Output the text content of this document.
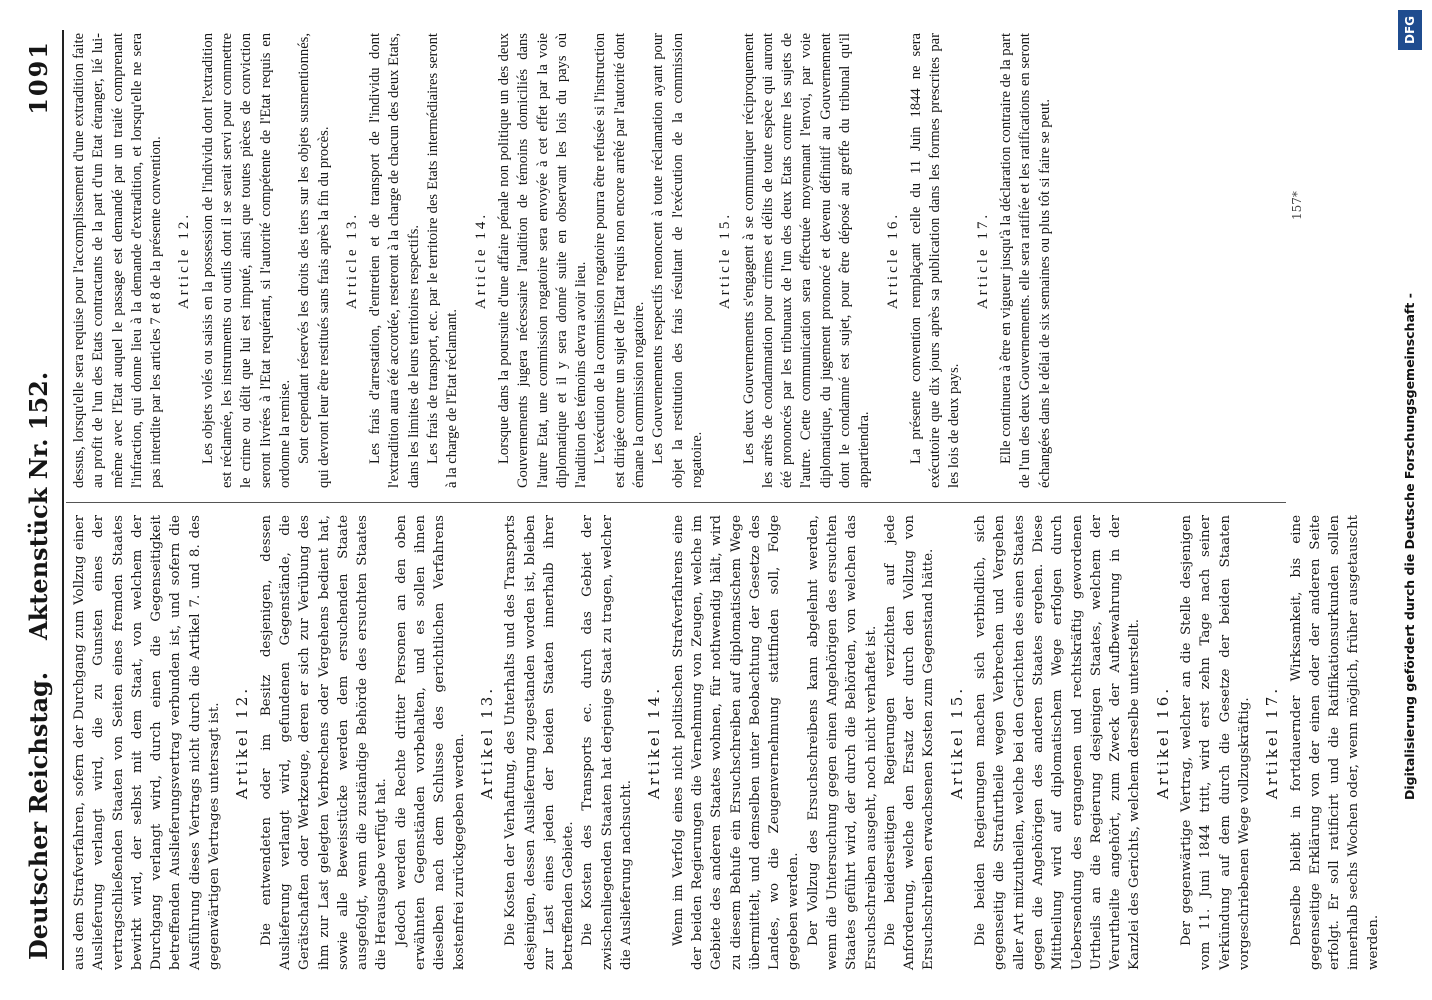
Deutscher Reichstag.
Aktenstück Nr. 152.
1091

aus dem Strafverfahren, sofern der Durchgang zum Vollzug einer Auslieferung verlangt wird, die zu Gunsten eines der vertragschließenden Staaten von Seiten eines fremden Staates bewirkt wird, der selbst mit dem Staat, von welchem der Durchgang verlangt wird, durch einen die Gegenseitigkeit betreffenden Auslieferungsvertrag verbunden ist, und sofern die Ausführung dieses Vertrags nicht durch die Artikel 7. und 8. des gegenwärtigen Vertrages untersagt ist. Artikel 12. Die entwendeten oder im Besitz desjenigen, dessen Auslieferung verlangt wird, gefundenen Gegenstände, die Gerätschaften oder Werkzeuge, deren er sich zur Verübung des ihm zur Last gelegten Verbrechens oder Vergehens bedient hat, sowie alle Beweisstücke werden dem ersuchenden Staate ausgefolgt, wenn die zuständige Behörde des ersuchten Staates die Herausgabe verfügt hat. Jedoch werden die Rechte dritter Personen an den oben erwähnten Gegenständen vorbehalten, und es sollen ihnen dieselben nach dem Schlusse des gerichtlichen Verfahrens kostenfrei zurückgegeben werden. Artikel 13. Die Kosten der Verhaftung, des Unterhalts und des Transports desjenigen, dessen Auslieferung zugestanden worden ist, bleiben zur Last eines jeden der beiden Staaten innerhalb ihrer betreffenden Gebiete. Die Kosten des Transports ec. durch das Gebiet der zwischenliegenden Staaten hat derjenige Staat zu tragen, welcher die Auslieferung nachsucht.

Artikel 14. Wenn im Verfolg eines nicht politischen Strafverfahrens eine der beiden Regierungen die Vernehmung von Zeugen, welche im Gebiete des anderen Staates wohnen, für nothwendig hält, wird zu diesem Behufe ein Ersuchschreiben auf diplomatischem Wege übermittelt, und demselben unter Beobachtung der Gesetze des Landes, wo die Zeugenvernehmung stattfinden soll, Folge gegeben werden. Der Vollzug des Ersuchschreibens kann abgelehnt werden, wenn die Untersuchung gegen einen Angehörigen des ersuchten Staates geführt wird, der durch die Behörden, von welchen das Ersuchschreiben ausgeht, noch nicht verhaftet ist. Die beiderseitigen Regierungen verzichten auf jede Anforderung, welche den Ersatz der durch den Vollzug von Ersuchschreiben erwachsenen Kosten zum Gegenstand hätte. Artikel 15. Die beiden Regierungen machen sich verbindlich, sich gegenseitig die Strafurtheile wegen Verbrechen und Vergehen aller Art mitzutheilen, welche bei den Gerichten des einen Staates gegen die Angehörigen des anderen Staates ergehen. Diese Mittheilung wird auf diplomatischem Wege erfolgen durch Uebersendung des ergangenen und rechtskräftig gewordenen Urtheils an die Regierung desjenigen Staates, welchem der Verurtheilte angehört, zum Zweck der Aufbewahrung in der Kanzlei des Gerichts, welchem derselbe unterstellt. Artikel 16. Der gegenwärtige Vertrag, welcher an die Stelle desjenigen vom 11. Juni 1844 tritt, wird erst zehn Tage nach seiner Verkündung auf dem durch die Gesetze der beiden Staaten vorgeschriebenen Wege vollzugskräftig. Artikel 17. Derselbe bleibt in fortdauernder Wirksamkeit, bis eine gegenseitige Erklärung von der einen oder der anderen Seite erfolgt. Er soll ratificirt und die Ratifikationsurkunden sollen innerhalb sechs Wochen oder, wenn möglich, früher ausgetauscht werden.

dessus, lorsqu'elle sera requise pour l'accomplissement d'une extradition faite au profit de l'un des Etats contractants de la part d'un Etat étranger, lié lui-même avec l'Etat auquel le passage est demandé par un traité comprenant l'infraction, qui donne lieu à la demande d'extradition, et lorsqu'elle ne sera pas interdite par les articles 7 et 8 de la présente convention. Article 12. Les objets volés ou saisis en la possession de l'individu dont l'extradition est réclamée, les instruments ou outils dont il se serait servi pour commettre le crime ou délit que lui est imputé, ainsi que toutes pièces de conviction seront livrées à l'Etat requérant, si l'autorité compétente de l'Etat requis en ordonne la remise. Sont cependant réservés les droits des tiers sur les objets susmentionnés, qui devront leur être restitués sans frais après la fin du procès. Article 13. Les frais d'arrestation, d'entretien et de transport de l'individu dont l'extradition aura été accordée, resteront à la charge de chacun des deux Etats, dans les limites de leurs territoires respectifs. Les frais de transport, etc. par le territoire des Etats intermédiaires seront à la charge de l'Etat réclamant.

Article 14. Lorsque dans la poursuite d'une affaire pénale non politique un des deux Gouvernements jugera nécessaire l'audition de témoins domiciliés dans l'autre Etat, une commission rogatoire sera envoyée à cet effet par la voie diplomatique et il y sera donné suite en observant les lois du pays où l'audition des témoins devra avoir lieu. L'exécution de la commission rogatoire pourra être refusée si l'instruction est dirigée contre un sujet de l'Etat requis non encore arrêté par l'autorité dont émane la commission rogatoire. Les Gouvernements respectifs renoncent à toute réclamation ayant pour objet la restitution des frais résultant de l'exécution de la commission rogatoire.

Article 15. Les deux Gouvernements s'engagent à se communiquer réciproquement les arrêts de condamnation pour crimes et délits de toute espèce qui auront été prononcés par les tribunaux de l'un des deux Etats contre les sujets de l'autre. Cette communication sera effectuée moyennant l'envoi, par voie diplomatique, du jugement prononcé et devenu définitif au Gouvernement dont le condamné est sujet, pour être déposé au greffe du tribunal qu'il appartiendra.

Article 16. La présente convention remplaçant celle du 11 Juin 1844 ne sera exécutoire que dix jours après sa publication dans les formes prescrites par les lois de deux pays.

Article 17. Elle continuera à être en vigueur jusqu'à la déclaration contraire de la part de l'un des deux Gouvernements. elle sera ratifiée et les ratifications en seront échangées dans le délai de six semaines ou plus tôt si faire se peut.	157*
Digitalisierung gefördert durch die Deutsche Forschungsgemeinschaft -
DFG
